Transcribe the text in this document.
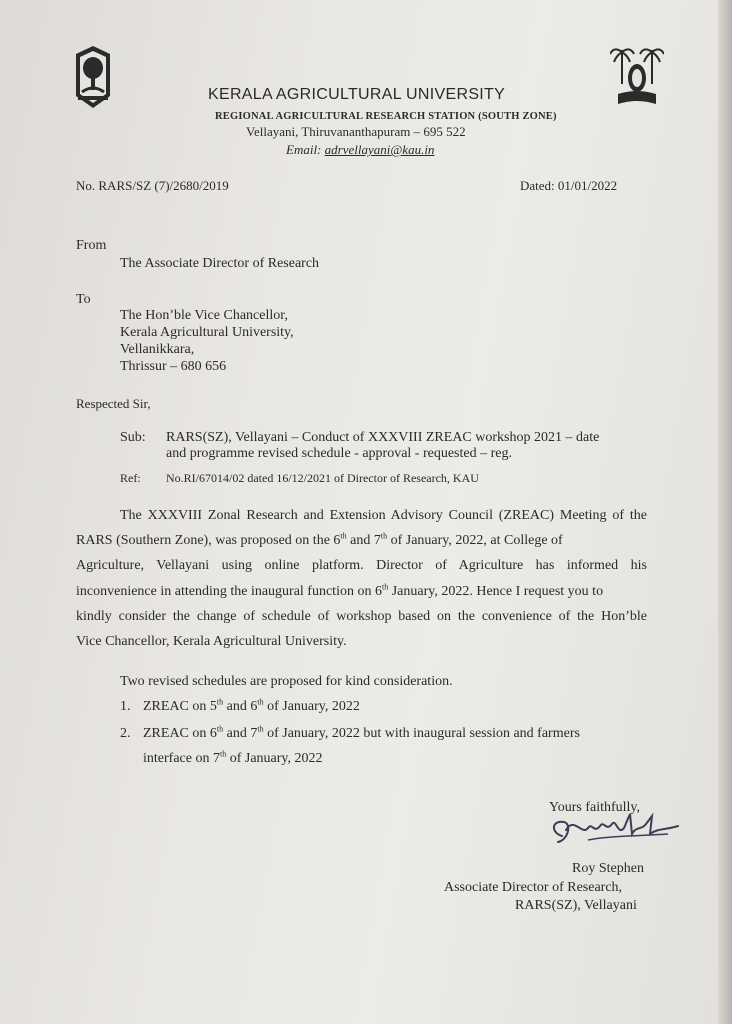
KERALA AGRICULTURAL UNIVERSITY
REGIONAL AGRICULTURAL RESEARCH STATION (SOUTH ZONE)
Vellayani, Thiruvananthapuram – 695 522
Email: adrvellayani@kau.in
No. RARS/SZ (7)/2680/2019	Dated: 01/01/2022
From
The Associate Director of Research
To
The Hon’ble Vice Chancellor,
Kerala Agricultural University,
Vellanikkara,
Thrissur – 680 656
Respected Sir,
Sub: RARS(SZ), Vellayani – Conduct of XXXVIII ZREAC workshop 2021 – date
and programme revised schedule - approval - requested – reg.
Ref: No.RI/67014/02 dated 16/12/2021 of Director of Research, KAU
The XXXVIII Zonal Research and Extension Advisory Council (ZREAC) Meeting of the
RARS (Southern Zone), was proposed on the 6th and 7th of January, 2022, at College of
Agriculture, Vellayani using online platform. Director of Agriculture has informed his
inconvenience in attending the inaugural function on 6th January, 2022. Hence I request you to
kindly consider the change of schedule of workshop based on the convenience of the Hon’ble
Vice Chancellor, Kerala Agricultural University.
Two revised schedules are proposed for kind consideration.
1. ZREAC on 5th and 6th of January, 2022
2. ZREAC on 6th and 7th of January, 2022 but with inaugural session and farmers
interface on 7th of January, 2022
Yours faithfully,
Roy Stephen
Associate Director of Research,
RARS(SZ), Vellayani
